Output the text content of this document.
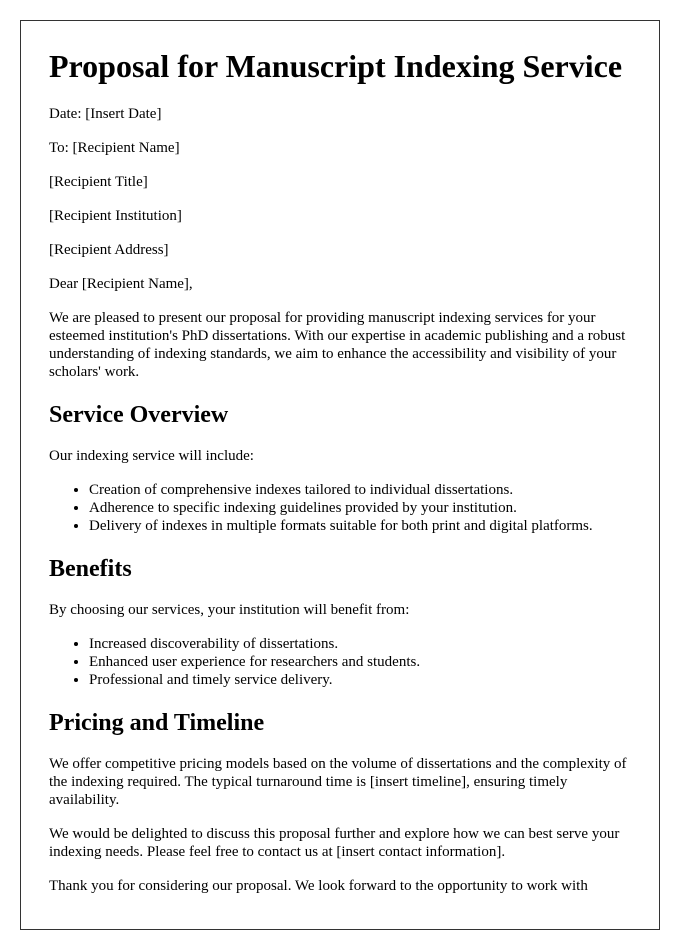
Proposal for Manuscript Indexing Service

Date: [Insert Date]

To: [Recipient Name]

[Recipient Title]

[Recipient Institution]

[Recipient Address]

Dear [Recipient Name],

We are pleased to present our proposal for providing manuscript indexing services for your esteemed institution's PhD dissertations. With our expertise in academic publishing and a robust understanding of indexing standards, we aim to enhance the accessibility and visibility of your scholars' work.

Service Overview

Our indexing service will include:

• Creation of comprehensive indexes tailored to individual dissertations.
• Adherence to specific indexing guidelines provided by your institution.
• Delivery of indexes in multiple formats suitable for both print and digital platforms.
Benefits

By choosing our services, your institution will benefit from:

• Increased discoverability of dissertations.
• Enhanced user experience for researchers and students.
• Professional and timely service delivery.
Pricing and Timeline

We offer competitive pricing models based on the volume of dissertations and the complexity of the indexing required. The typical turnaround time is [insert timeline], ensuring timely availability.

We would be delighted to discuss this proposal further and explore how we can best serve your indexing needs. Please feel free to contact us at [insert contact information].

Thank you for considering our proposal. We look forward to the opportunity to work with
